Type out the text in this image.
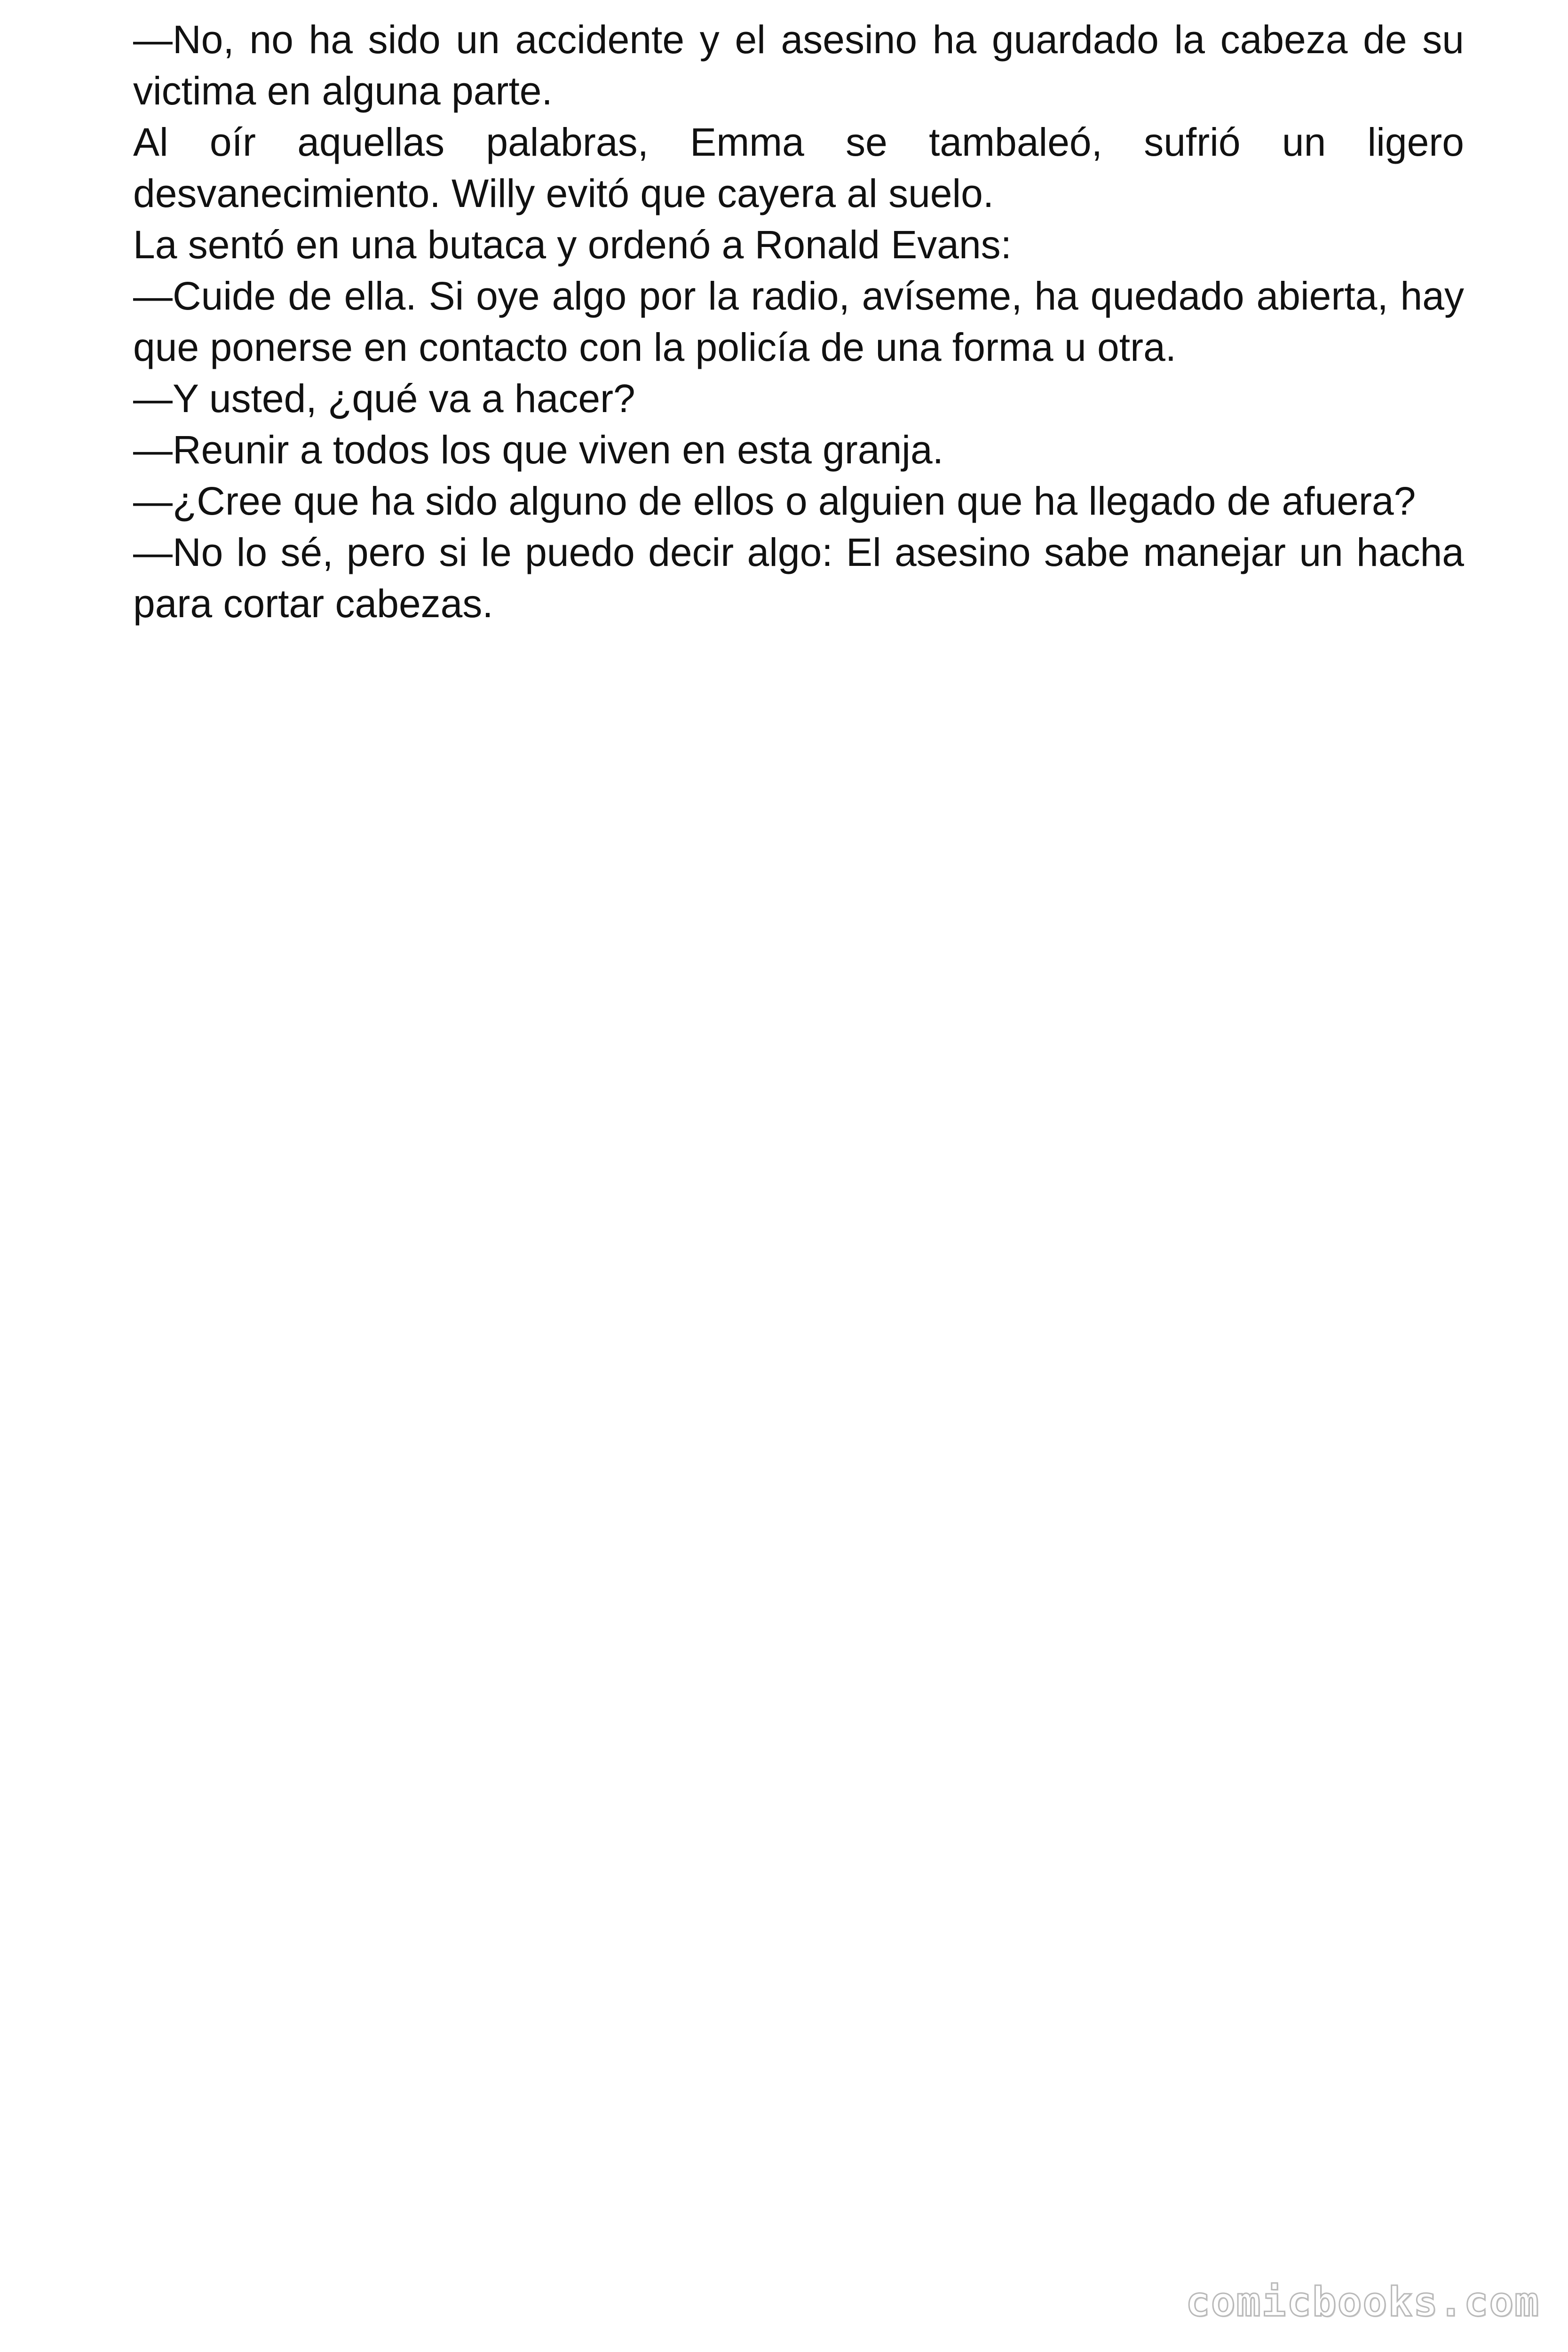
—No, no ha sido un accidente y el asesino ha guardado la cabeza de su victima en alguna parte.

Al oír aquellas palabras, Emma se tambaleó, sufrió un ligero desvanecimiento. Willy evitó que cayera al suelo.

La sentó en una butaca y ordenó a Ronald Evans:

—Cuide de ella. Si oye algo por la radio, avíseme, ha quedado abierta, hay que ponerse en contacto con la policía de una forma u otra.

—Y usted, ¿qué va a hacer?

—Reunir a todos los que viven en esta granja.

—¿Cree que ha sido alguno de ellos o alguien que ha llegado de afuera?

—No lo sé, pero si le puedo decir algo: El asesino sabe manejar un hacha para cortar cabezas.

comicbooks.com
